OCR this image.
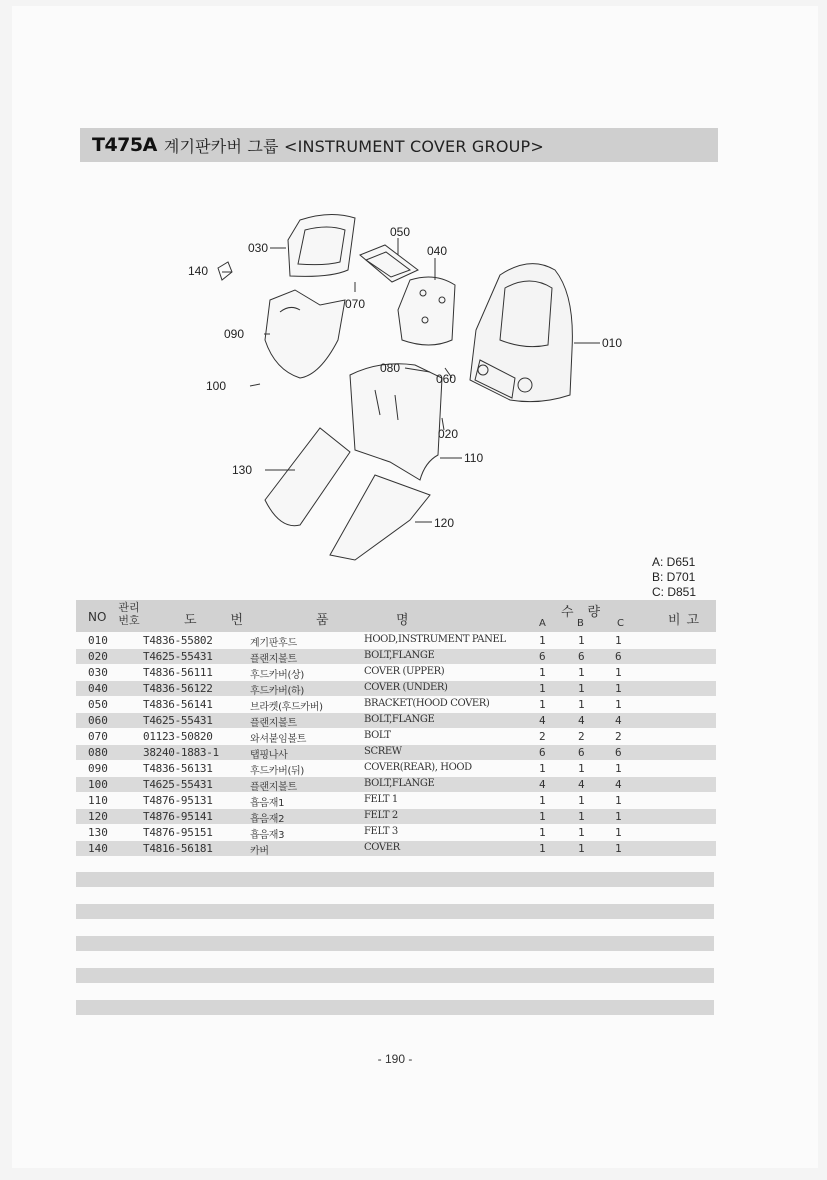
T475A 계기판카버 그룹 <INSTRUMENT COVER GROUP>
030
140
050
040
070
010
090
080
060
100
020
110
130
120
A: D651
B: D701
C: D851
NO
관리 번호	도번	품	명
수량
A	B	C	비고
010	T4836-55802	계기판후드	HOOD,INSTRUMENT PANEL	1	1	1
020	T4625-55431	플랜지볼트	BOLT,FLANGE	6	6	6
030	T4836-56111	후드카버(상)	COVER (UPPER)	1	1	1
040	T4836-56122	후드카버(하)	COVER (UNDER)	1	1	1
050	T4836-56141	브라켓(후드카버)	BRACKET(HOOD COVER)	1	1	1
060	T4625-55431	플랜지볼트	BOLT,FLANGE	4	4	4
070	01123-50820	와셔붙임볼트	BOLT	2	2	2
080	38240-1883-1	탭핑나사	SCREW	6	6	6
090	T4836-56131	후드카버(뒤)	COVER(REAR), HOOD	1	1	1
100	T4625-55431	플랜지볼트	BOLT,FLANGE	4	4	4
110	T4876-95131	흡음재1	FELT 1	1	1	1
120	T4876-95141	흡음재2	FELT 2	1	1	1
130	T4876-95151	흡음재3	FELT 3	1	1	1
140	T4816-56181	카버	COVER	1	1	1
- 190 -
